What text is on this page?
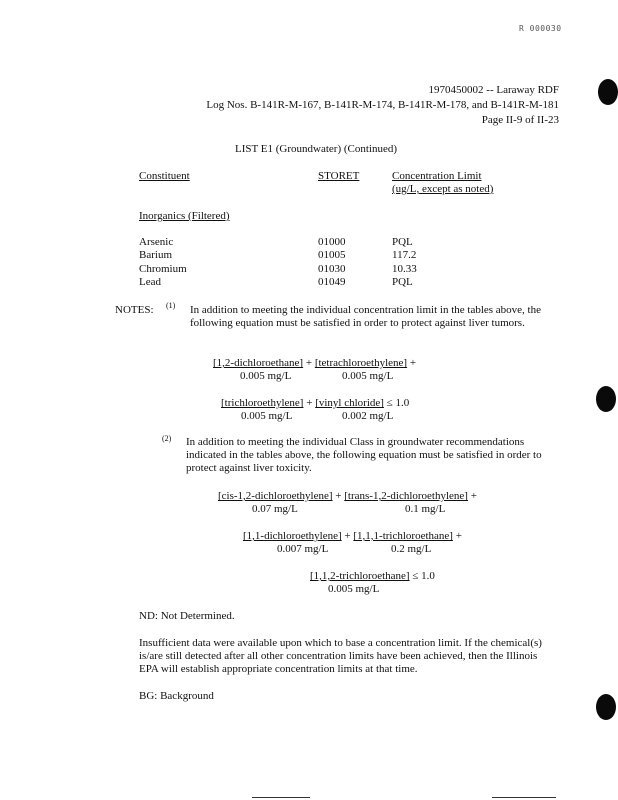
R 000030
1970450002 -- Laraway RDF
Log Nos. B-141R-M-167, B-141R-M-174, B-141R-M-178, and B-141R-M-181
Page II-9 of II-23
LIST E1 (Groundwater) (Continued)
Constituent	STORET	Concentration Limit
(ug/L, except as noted)
Inorganics (Filtered)
Arsenic	01000	PQL
Barium	01005	117.2
Chromium	01030	10.33
Lead	01049	PQL
NOTES: (1) In addition to meeting the individual concentration limit in the tables above, the following equation must be satisfied in order to protect against liver tumors.
[1,2-dichloroethane] + [tetrachloroethylene] +
0.005 mg/L	0.005 mg/L
[trichloroethylene] + [vinyl chloride] ≤ 1.0
0.005 mg/L	0.002 mg/L
(2) In addition to meeting the individual Class in groundwater recommendations indicated in the tables above, the following equation must be satisfied in order to protect against liver toxicity.
[cis-1,2-dichloroethylene] + [trans-1,2-dichloroethylene] +
0.07 mg/L	0.1 mg/L
[1,1-dichloroethylene] + [1,1,1-trichloroethane] +
0.007 mg/L	0.2 mg/L
[1,1,2-trichloroethane] ≤ 1.0
0.005 mg/L
ND: Not Determined.
Insufficient data were available upon which to base a concentration limit. If the chemical(s) is/are still detected after all other concentration limits have been achieved, then the Illinois EPA will establish appropriate concentration limits at that time.
BG: Background
